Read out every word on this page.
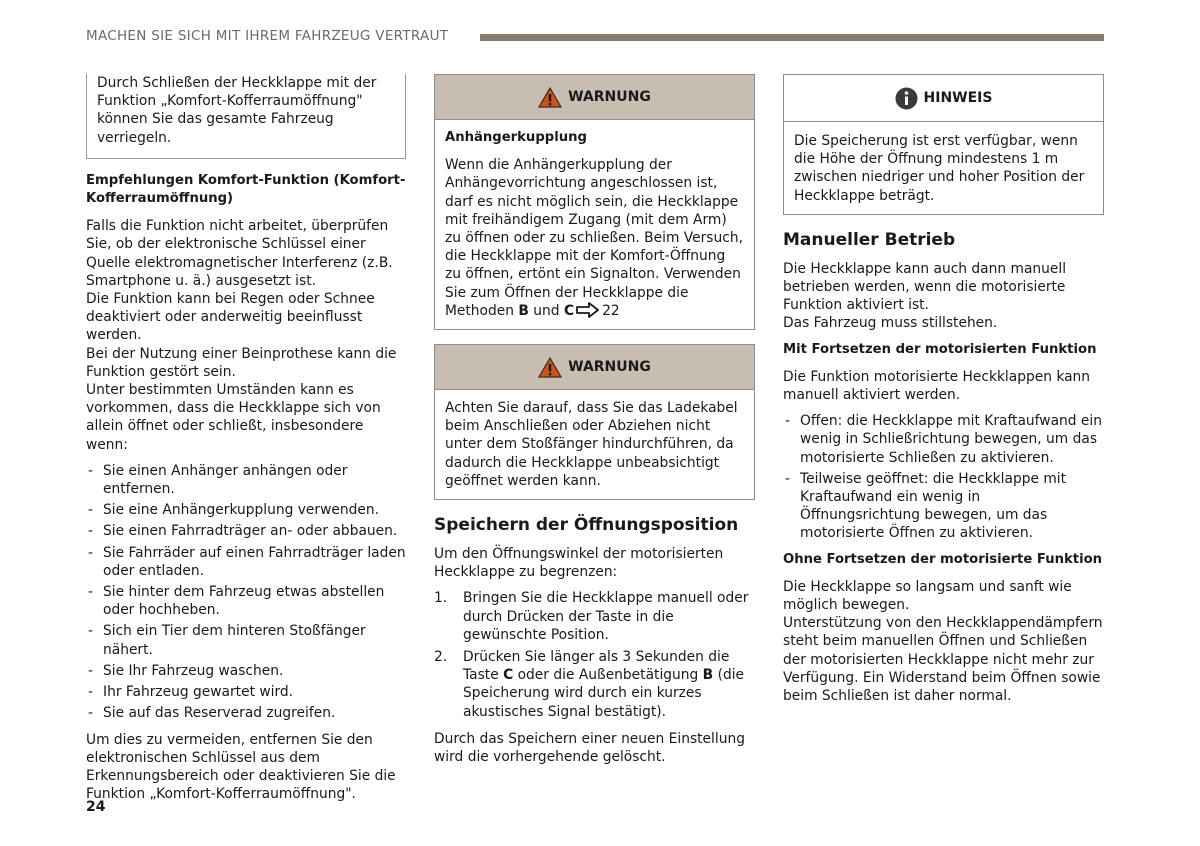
MACHEN SIE SICH MIT IHREM FAHRZEUG VERTRAUT

Durch Schließen der Heckklappe mit der Funktion „Komfort-Kofferraumöffnung" können Sie das gesamte Fahrzeug verriegeln.

Empfehlungen Komfort-Funktion (Komfort-Kofferraumöffnung)

Falls die Funktion nicht arbeitet, überprüfen Sie, ob der elektronische Schlüssel einer Quelle elektromagnetischer Interferenz (z.B. Smartphone u. ä.) ausgesetzt ist.

Die Funktion kann bei Regen oder Schnee deaktiviert oder anderweitig beeinflusst werden.

Bei der Nutzung einer Beinprothese kann die Funktion gestört sein.

Unter bestimmten Umständen kann es vorkommen, dass die Heckklappe sich von allein öffnet oder schließt, insbesondere wenn:

- Sie einen Anhänger anhängen oder entfernen.
- Sie eine Anhängerkupplung verwenden.
- Sie einen Fahrradträger an- oder abbauen.
- Sie Fahrräder auf einen Fahrradträger laden oder entladen.
- Sie hinter dem Fahrzeug etwas abstellen oder hochheben.
- Sich ein Tier dem hinteren Stoßfänger nähert.
- Sie Ihr Fahrzeug waschen.
- Ihr Fahrzeug gewartet wird.
- Sie auf das Reserverad zugreifen.

Um dies zu vermeiden, entfernen Sie den elektronischen Schlüssel aus dem Erkennungsbereich oder deaktivieren Sie die Funktion „Komfort-Kofferraumöffnung".

WARNUNG
Anhängerkupplung

Wenn die Anhängerkupplung der Anhängevorrichtung angeschlossen ist, darf es nicht möglich sein, die Heckklappe mit freihändigem Zugang (mit dem Arm) zu öffnen oder zu schließen. Beim Versuch, die Heckklappe mit der Komfort-Öffnung zu öffnen, ertönt ein Signalton. Verwenden Sie zum Öffnen der Heckklappe die Methoden B und C 22

WARNUNG

Achten Sie darauf, dass Sie das Ladekabel beim Anschließen oder Abziehen nicht unter dem Stoßfänger hindurchführen, da dadurch die Heckklappe unbeabsichtigt geöffnet werden kann.

Speichern der Öffnungsposition

Um den Öffnungswinkel der motorisierten Heckklappe zu begrenzen:

1. Bringen Sie die Heckklappe manuell oder durch Drücken der Taste in die gewünschte Position.
2. Drücken Sie länger als 3 Sekunden die Taste C oder die Außenbetätigung B (die Speicherung wird durch ein kurzes akustisches Signal bestätigt).

Durch das Speichern einer neuen Einstellung wird die vorhergehende gelöscht.

HINWEIS

Die Speicherung ist erst verfügbar, wenn die Höhe der Öffnung mindestens 1 m zwischen niedriger und hoher Position der Heckklappe beträgt.

Manueller Betrieb

Die Heckklappe kann auch dann manuell betrieben werden, wenn die motorisierte Funktion aktiviert ist.

Das Fahrzeug muss stillstehen.

Mit Fortsetzen der motorisierten Funktion

Die Funktion motorisierte Heckklappen kann manuell aktiviert werden.

- Offen: die Heckklappe mit Kraftaufwand ein wenig in Schließrichtung bewegen, um das motorisierte Schließen zu aktivieren.
- Teilweise geöffnet: die Heckklappe mit Kraftaufwand ein wenig in Öffnungsrichtung bewegen, um das motorisierte Öffnen zu aktivieren.
Ohne Fortsetzen der motorisierte Funktion

Die Heckklappe so langsam und sanft wie möglich bewegen.

Unterstützung von den Heckklappendämpfern steht beim manuellen Öffnen und Schließen der motorisierten Heckklappe nicht mehr zur Verfügung. Ein Widerstand beim Öffnen sowie beim Schließen ist daher normal.

24
